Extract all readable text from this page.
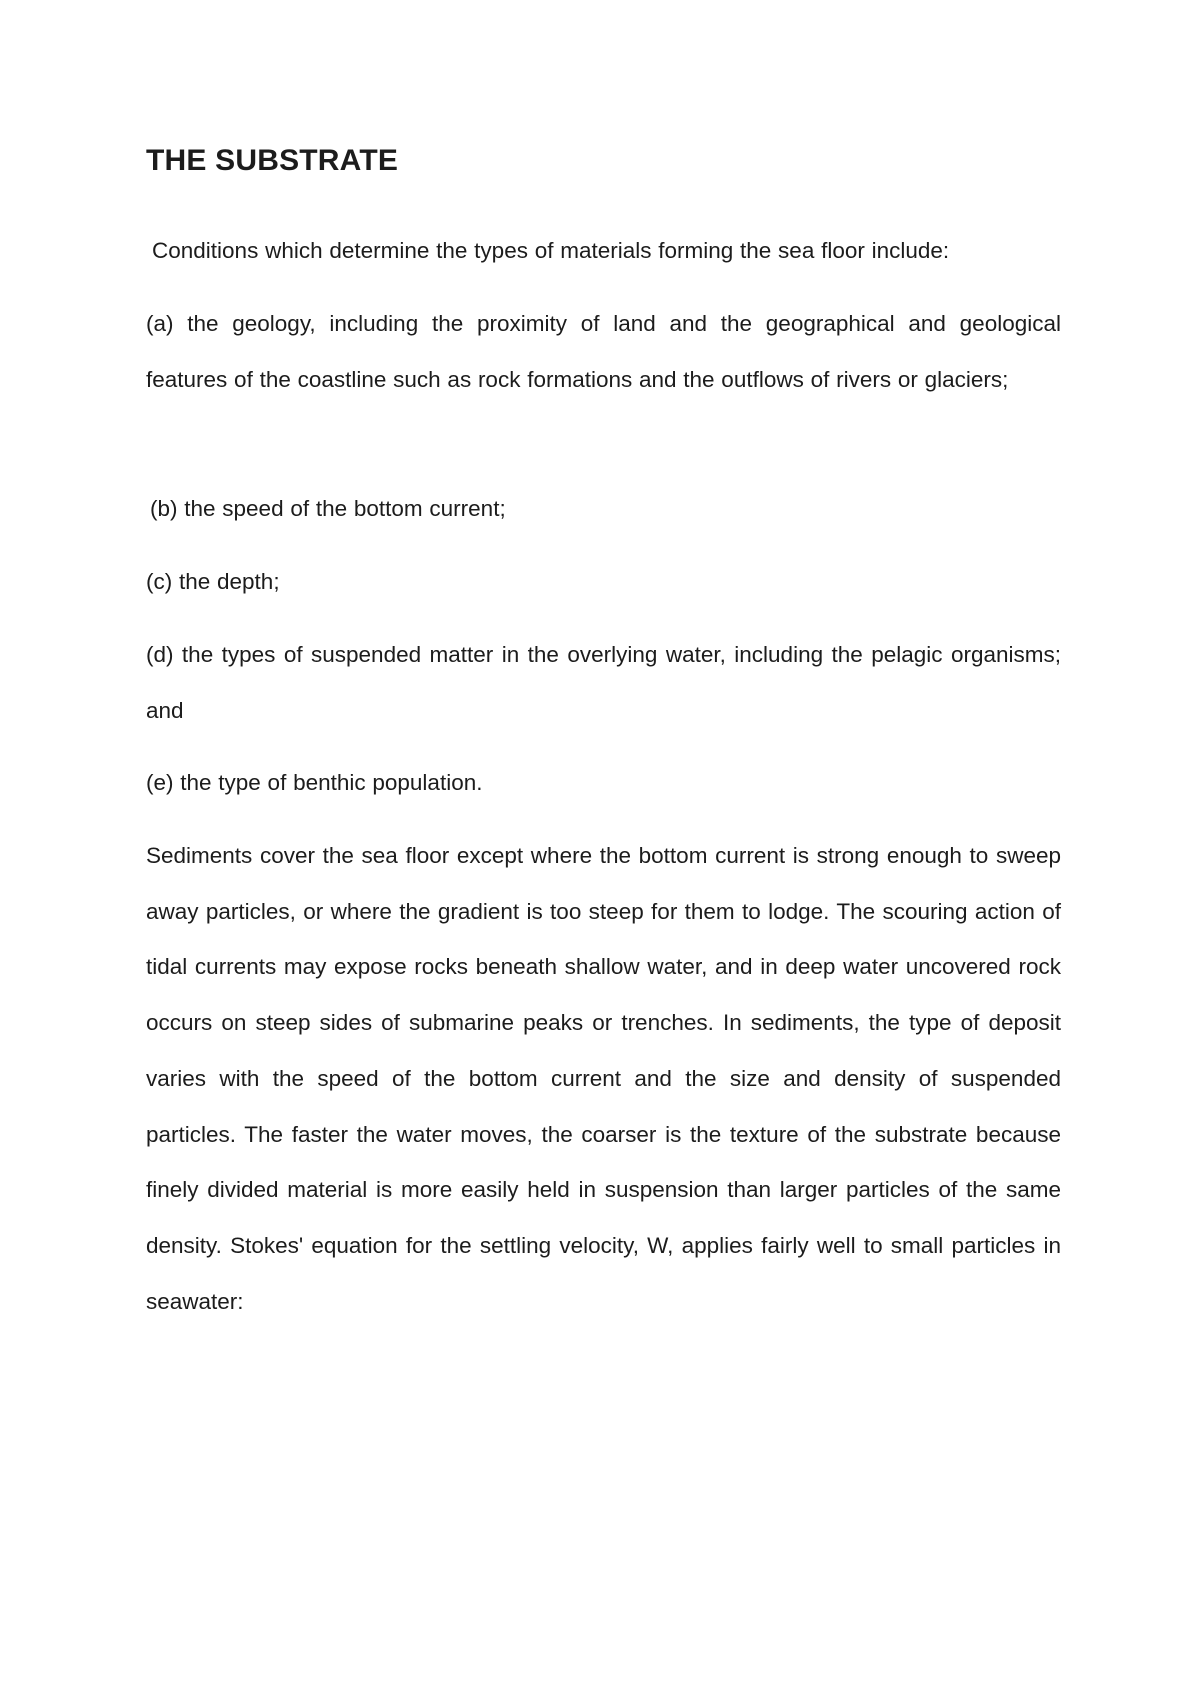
THE SUBSTRATE

Conditions which determine the types of materials forming the sea floor include:

(a) the geology, including the proximity of land and the geographical and geological features of the coastline such as rock formations and the outflows of rivers or glaciers;

(b) the speed of the bottom current;

(c) the depth;

(d) the types of suspended matter in the overlying water, including the pelagic organisms; and

(e) the type of benthic population.

Sediments cover the sea floor except where the bottom current is strong enough to sweep away particles, or where the gradient is too steep for them to lodge. The scouring action of tidal currents may expose rocks beneath shallow water, and in deep water uncovered rock occurs on steep sides of submarine peaks or trenches. In sediments, the type of deposit varies with the speed of the bottom current and the size and density of suspended particles. The faster the water moves, the coarser is the texture of the substrate because finely divided material is more easily held in suspension than larger particles of the same density. Stokes' equation for the settling velocity, W, applies fairly well to small particles in seawater:
